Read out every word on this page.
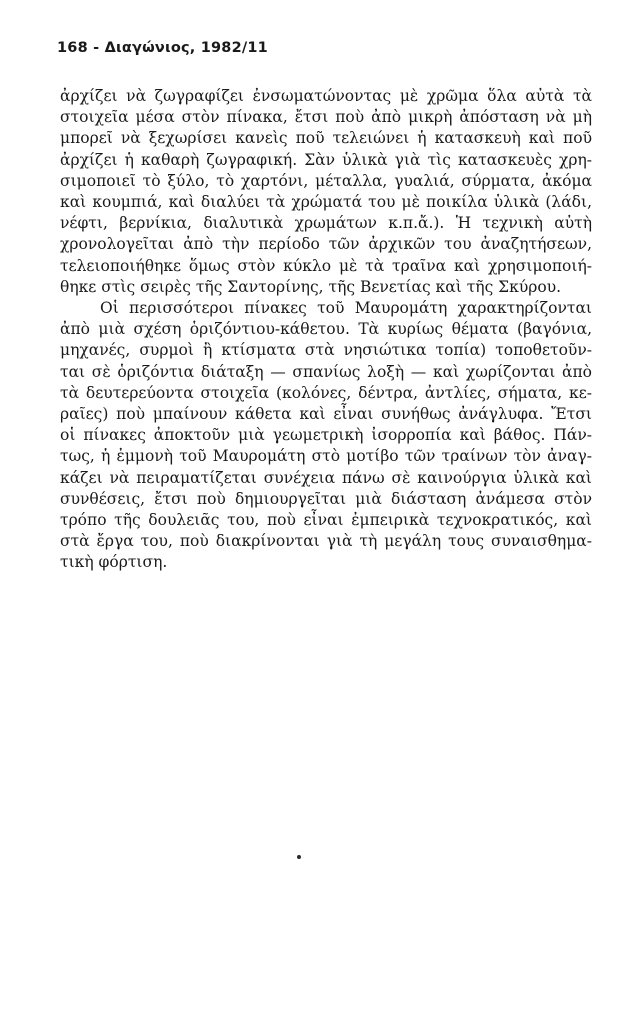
168 - Διαγώνιος, 1982/11

ἀρχίζει νὰ ζωγραφίζει ἐνσωματώνοντας μὲ χρῶμα ὅλα αὐτὰ τὰ
στοιχεῖα μέσα στὸν πίνακα, ἔτσι ποὺ ἀπὸ μικρὴ ἀπόσταση νὰ μὴ
μπορεῖ νὰ ξεχωρίσει κανεὶς ποῦ τελειώνει ἡ κατασκευὴ καὶ ποῦ
ἀρχίζει ἡ καθαρὴ ζωγραφική. Σὰν ὑλικὰ γιὰ τὶς κατασκευὲς χρη-
σιμοποιεῖ τὸ ξύλο, τὸ χαρτόνι, μέταλλα, γυαλιά, σύρματα, ἀκόμα
καὶ κουμπιά, καὶ διαλύει τὰ χρώματά του μὲ ποικίλα ὑλικὰ (λάδι,
νέφτι, βερνίκια, διαλυτικὰ χρωμάτων κ.π.ἄ.). Ἡ τεχνικὴ αὐτὴ
χρονολογεῖται ἀπὸ τὴν περίοδο τῶν ἀρχικῶν του ἀναζητήσεων,
τελειοποιήθηκε ὅμως στὸν κύκλο μὲ τὰ τραῖνα καὶ χρησιμοποιή-
θηκε στὶς σειρὲς τῆς Σαντορίνης, τῆς Βενετίας καὶ τῆς Σκύρου.

Οἱ περισσότεροι πίνακες τοῦ Μαυρομάτη χαρακτηρίζονται
ἀπὸ μιὰ σχέση ὁριζόντιου-κάθετου. Τὰ κυρίως θέματα (βαγόνια,
μηχανές, συρμοὶ ἢ κτίσματα στὰ νησιώτικα τοπία) τοποθετοῦν-
ται σὲ ὁριζόντια διάταξη — σπανίως λοξὴ — καὶ χωρίζονται ἀπὸ
τὰ δευτερεύοντα στοιχεῖα (κολόνες, δέντρα, ἀντλίες, σήματα, κε-
ραῖες) ποὺ μπαίνουν κάθετα καὶ εἶναι συνήθως ἀνάγλυφα. Ἔτσι
οἱ πίνακες ἀποκτοῦν μιὰ γεωμετρικὴ ἰσορροπία καὶ βάθος. Πάν-
τως, ἡ ἐμμονὴ τοῦ Μαυρομάτη στὸ μοτίβο τῶν τραίνων τὸν ἀναγ-
κάζει νὰ πειραματίζεται συνέχεια πάνω σὲ καινούργια ὑλικὰ καὶ
συνθέσεις, ἔτσι ποὺ δημιουργεῖται μιὰ διάσταση ἀνάμεσα στὸν
τρόπο τῆς δουλειᾶς του, ποὺ εἶναι ἐμπειρικὰ τεχνοκρατικός, καὶ
στὰ ἔργα του, ποὺ διακρίνονται γιὰ τὴ μεγάλη τους συναισθημα-
τικὴ φόρτιση.
